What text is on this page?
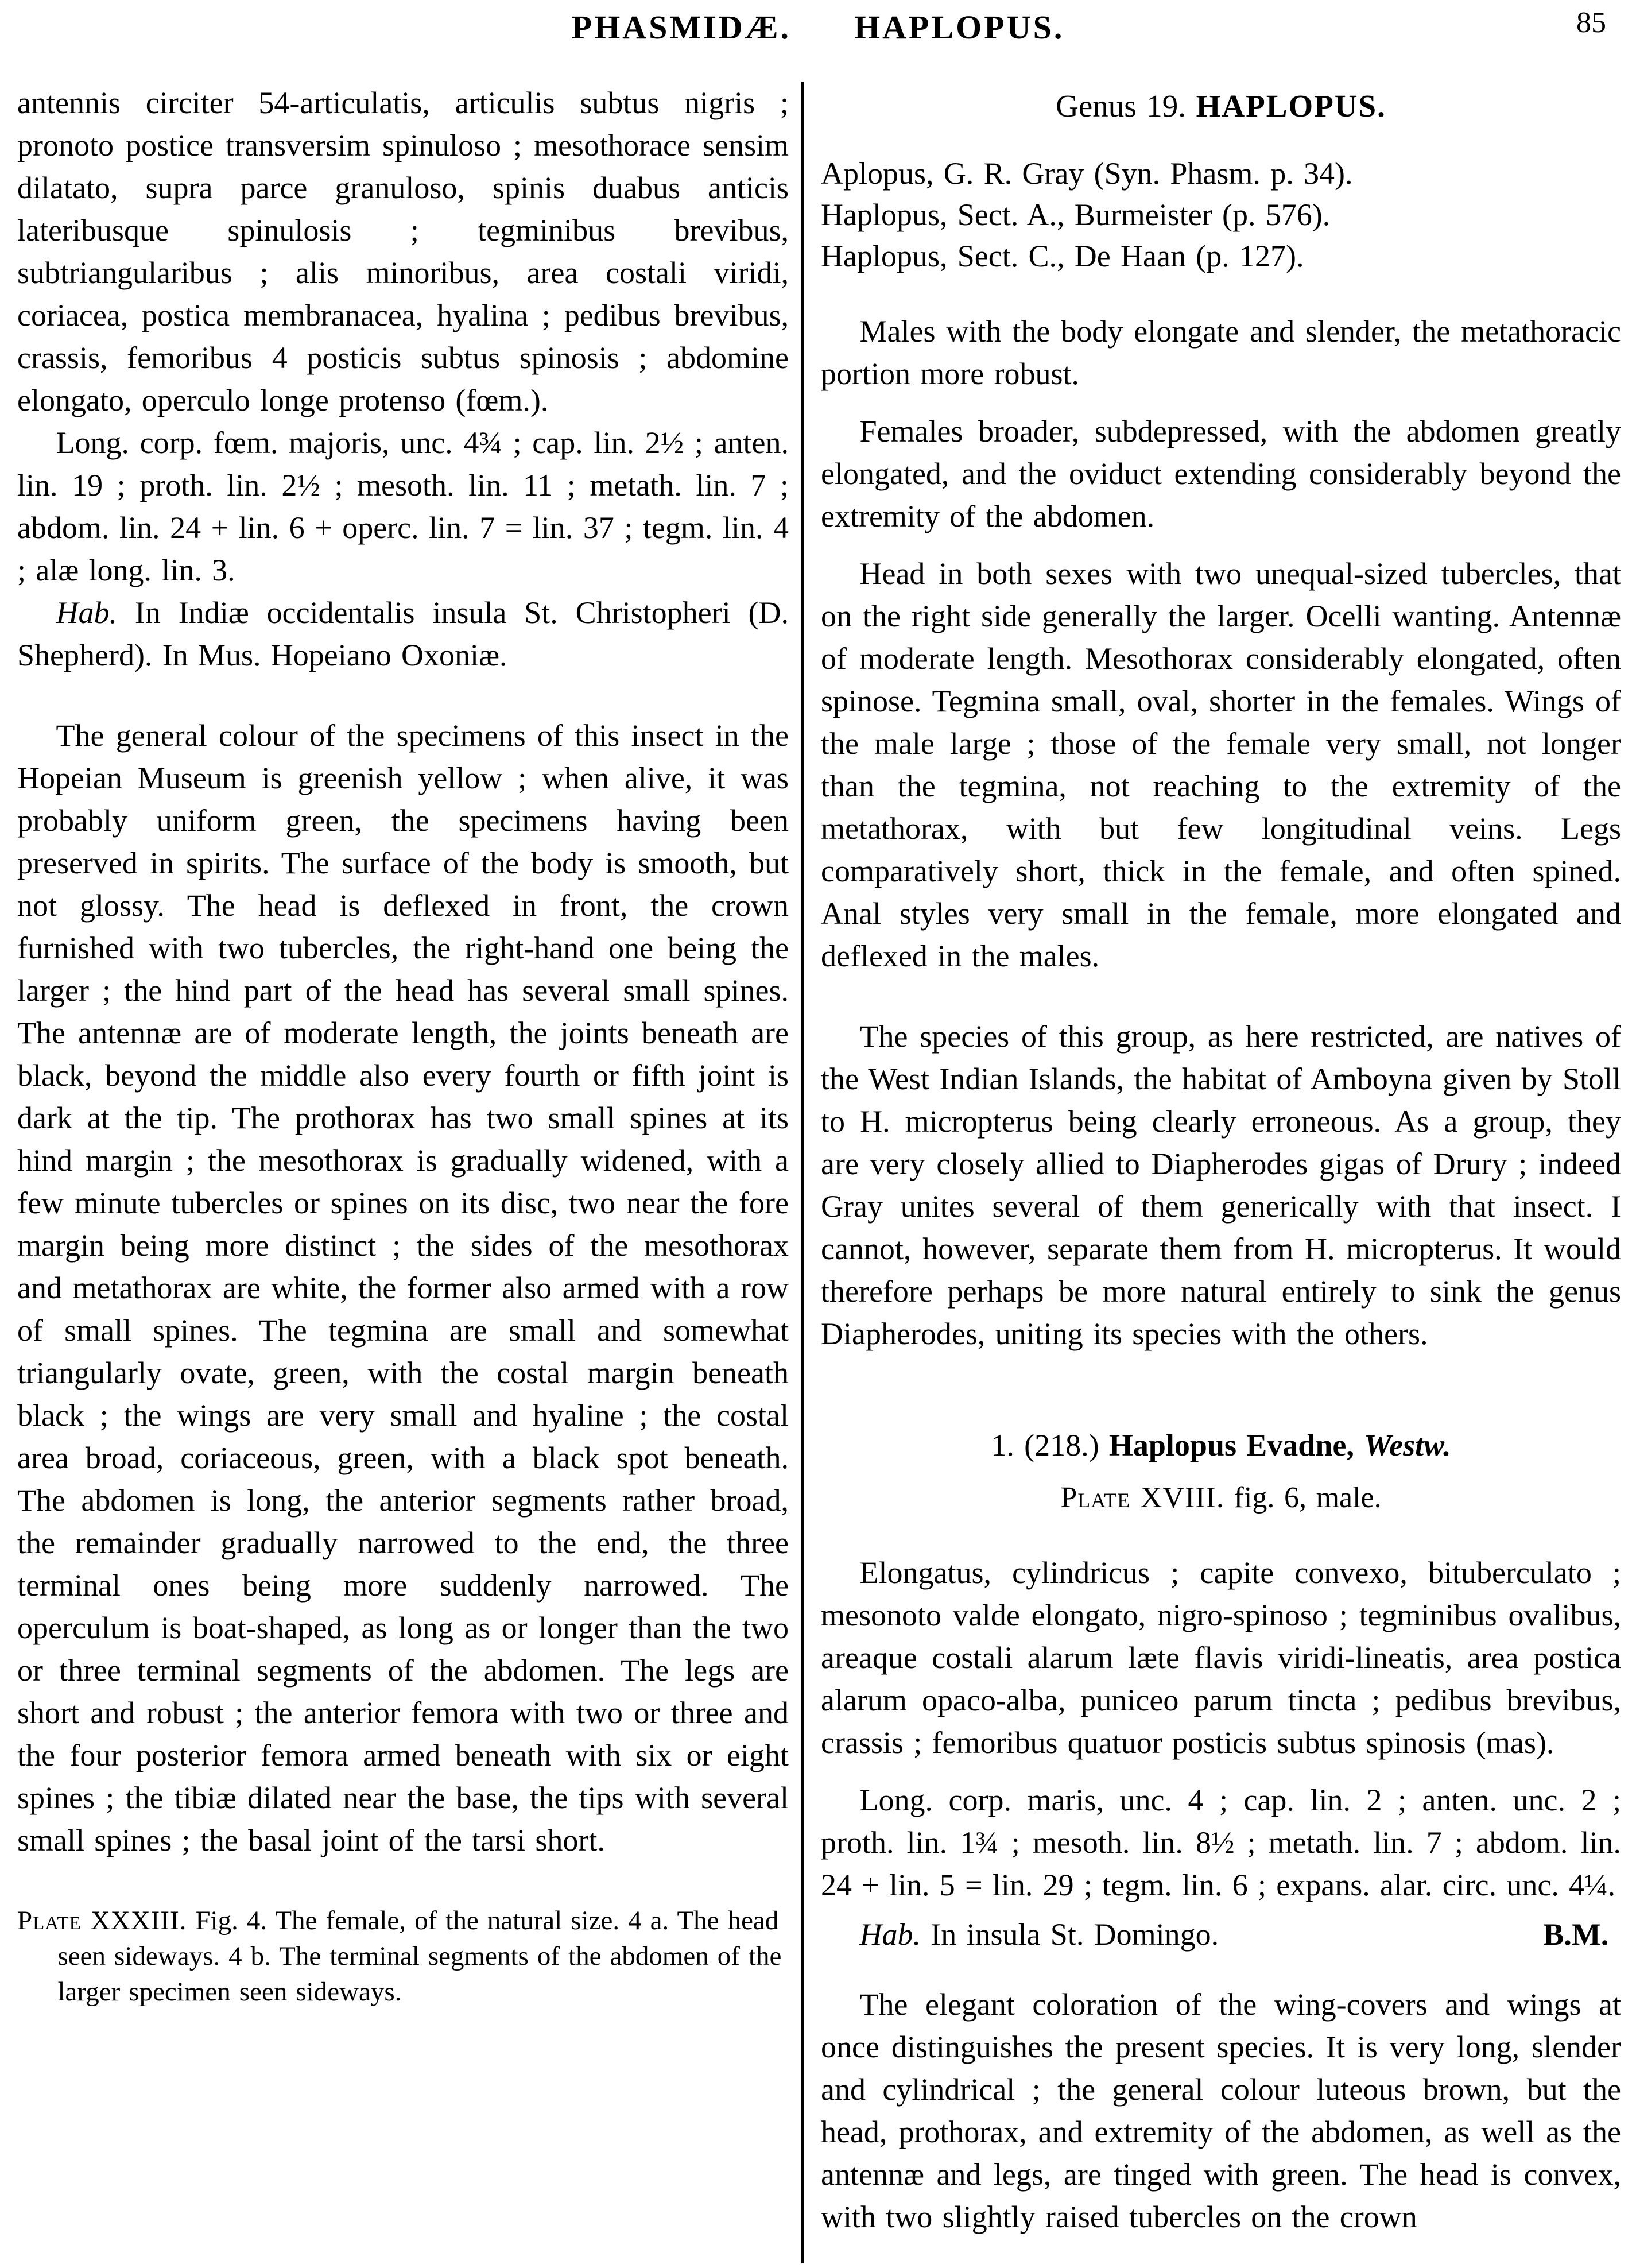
PHASMIDÆ. HAPLOPUS.	85

antennis circiter 54-articulatis, articulis subtus nigris ; pronoto postice transversim spinuloso ; mesothorace sensim dilatato, supra parce granuloso, spinis duabus anticis lateribusque spinulosis ; tegminibus brevibus, subtriangularibus ; alis minoribus, area costali viridi, coriacea, postica membranacea, hyalina ; pedibus brevibus, crassis, femoribus 4 posticis subtus spinosis ; abdomine elongato, operculo longe protenso (fœm.).

Long. corp. fœm. majoris, unc. 4¾ ; cap. lin. 2½ ; anten. lin. 19 ; proth. lin. 2½ ; mesoth. lin. 11 ; metath. lin. 7 ; abdom. lin. 24 + lin. 6 + operc. lin. 7 = lin. 37 ; tegm. lin. 4 ; alæ long. lin. 3.

Hab. In Indiæ occidentalis insula St. Christopheri (D. Shepherd). In Mus. Hopeiano Oxoniæ.

The general colour of the specimens of this insect in the Hopeian Museum is greenish yellow ; when alive, it was probably uniform green, the specimens having been preserved in spirits. The surface of the body is smooth, but not glossy. The head is deflexed in front, the crown furnished with two tubercles, the right-hand one being the larger ; the hind part of the head has several small spines. The antennæ are of moderate length, the joints beneath are black, beyond the middle also every fourth or fifth joint is dark at the tip. The prothorax has two small spines at its hind margin ; the mesothorax is gradually widened, with a few minute tubercles or spines on its disc, two near the fore margin being more distinct ; the sides of the mesothorax and metathorax are white, the former also armed with a row of small spines. The tegmina are small and somewhat triangularly ovate, green, with the costal margin beneath black ; the wings are very small and hyaline ; the costal area broad, coriaceous, green, with a black spot beneath. The abdomen is long, the anterior segments rather broad, the remainder gradually narrowed to the end, the three terminal ones being more suddenly narrowed. The operculum is boat-shaped, as long as or longer than the two or three terminal segments of the abdomen. The legs are short and robust ; the anterior femora with two or three and the four posterior femora armed beneath with six or eight spines ; the tibiæ dilated near the base, the tips with several small spines ; the basal joint of the tarsi short.

Plate XXXIII. Fig. 4. The female, of the natural size. 4 a. The head seen sideways. 4 b. The terminal segments of the abdomen of the larger specimen seen sideways.

Genus 19. HAPLOPUS.

Aplopus, G. R. Gray (Syn. Phasm. p. 34).

Haplopus, Sect. A., Burmeister (p. 576).

Haplopus, Sect. C., De Haan (p. 127).

Males with the body elongate and slender, the metathoracic portion more robust.

Females broader, subdepressed, with the abdomen greatly elongated, and the oviduct extending considerably beyond the extremity of the abdomen.

Head in both sexes with two unequal-sized tubercles, that on the right side generally the larger. Ocelli wanting. Antennæ of moderate length. Mesothorax considerably elongated, often spinose. Tegmina small, oval, shorter in the females. Wings of the male large ; those of the female very small, not longer than the tegmina, not reaching to the extremity of the metathorax, with but few longitudinal veins. Legs comparatively short, thick in the female, and often spined. Anal styles very small in the female, more elongated and deflexed in the males.

The species of this group, as here restricted, are natives of the West Indian Islands, the habitat of Amboyna given by Stoll to H. micropterus being clearly erroneous. As a group, they are very closely allied to Diapherodes gigas of Drury ; indeed Gray unites several of them generically with that insect. I cannot, however, separate them from H. micropterus. It would therefore perhaps be more natural entirely to sink the genus Diapherodes, uniting its species with the others.

1. (218.) Haplopus Evadne, Westw.

Plate XVIII. fig. 6, male.

Elongatus, cylindricus ; capite convexo, bituberculato ; mesonoto valde elongato, nigro-spinoso ; tegminibus ovalibus, areaque costali alarum læte flavis viridi-lineatis, area postica alarum opaco-alba, puniceo parum tincta ; pedibus brevibus, crassis ; femoribus quatuor posticis subtus spinosis (mas).

Long. corp. maris, unc. 4 ; cap. lin. 2 ; anten. unc. 2 ; proth. lin. 1¾ ; mesoth. lin. 8½ ; metath. lin. 7 ; abdom. lin. 24 + lin. 5 = lin. 29 ; tegm. lin. 6 ; expans. alar. circ. unc. 4¼.

Hab. In insula St. Domingo.	B.M.

The elegant coloration of the wing-covers and wings at once distinguishes the present species. It is very long, slender and cylindrical ; the general colour luteous brown, but the head, prothorax, and extremity of the abdomen, as well as the antennæ and legs, are tinged with green. The head is convex, with two slightly raised tubercles on the crown
